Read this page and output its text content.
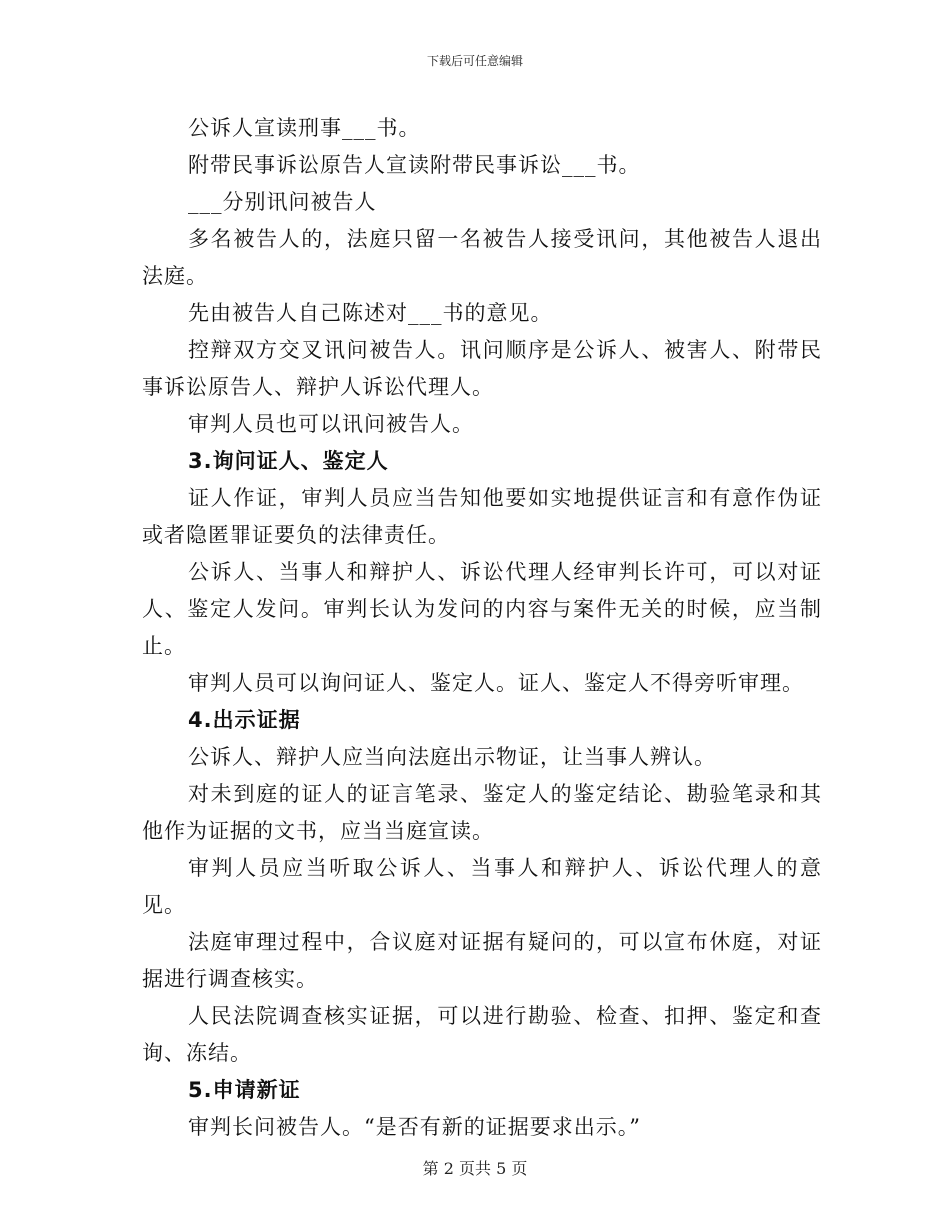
下载后可任意编辑

公诉人宣读刑事___书。

附带民事诉讼原告人宣读附带民事诉讼___书。

___分别讯问被告人

多名被告人的，法庭只留一名被告人接受讯问，其他被告人退出法庭。

先由被告人自己陈述对___书的意见。

控辩双方交叉讯问被告人。讯问顺序是公诉人、被害人、附带民事诉讼原告人、辩护人诉讼代理人。

审判人员也可以讯问被告人。

3.询问证人、鉴定人

证人作证，审判人员应当告知他要如实地提供证言和有意作伪证或者隐匿罪证要负的法律责任。

公诉人、当事人和辩护人、诉讼代理人经审判长许可，可以对证人、鉴定人发问。审判长认为发问的内容与案件无关的时候，应当制止。

审判人员可以询问证人、鉴定人。证人、鉴定人不得旁听审理。

4.出示证据

公诉人、辩护人应当向法庭出示物证，让当事人辨认。

对未到庭的证人的证言笔录、鉴定人的鉴定结论、勘验笔录和其他作为证据的文书，应当当庭宣读。

审判人员应当听取公诉人、当事人和辩护人、诉讼代理人的意见。

法庭审理过程中，合议庭对证据有疑问的，可以宣布休庭，对证据进行调查核实。

人民法院调查核实证据，可以进行勘验、检查、扣押、鉴定和查询、冻结。

5.申请新证

审判长问被告人。“是否有新的证据要求出示。”

第 2 页共 5 页
